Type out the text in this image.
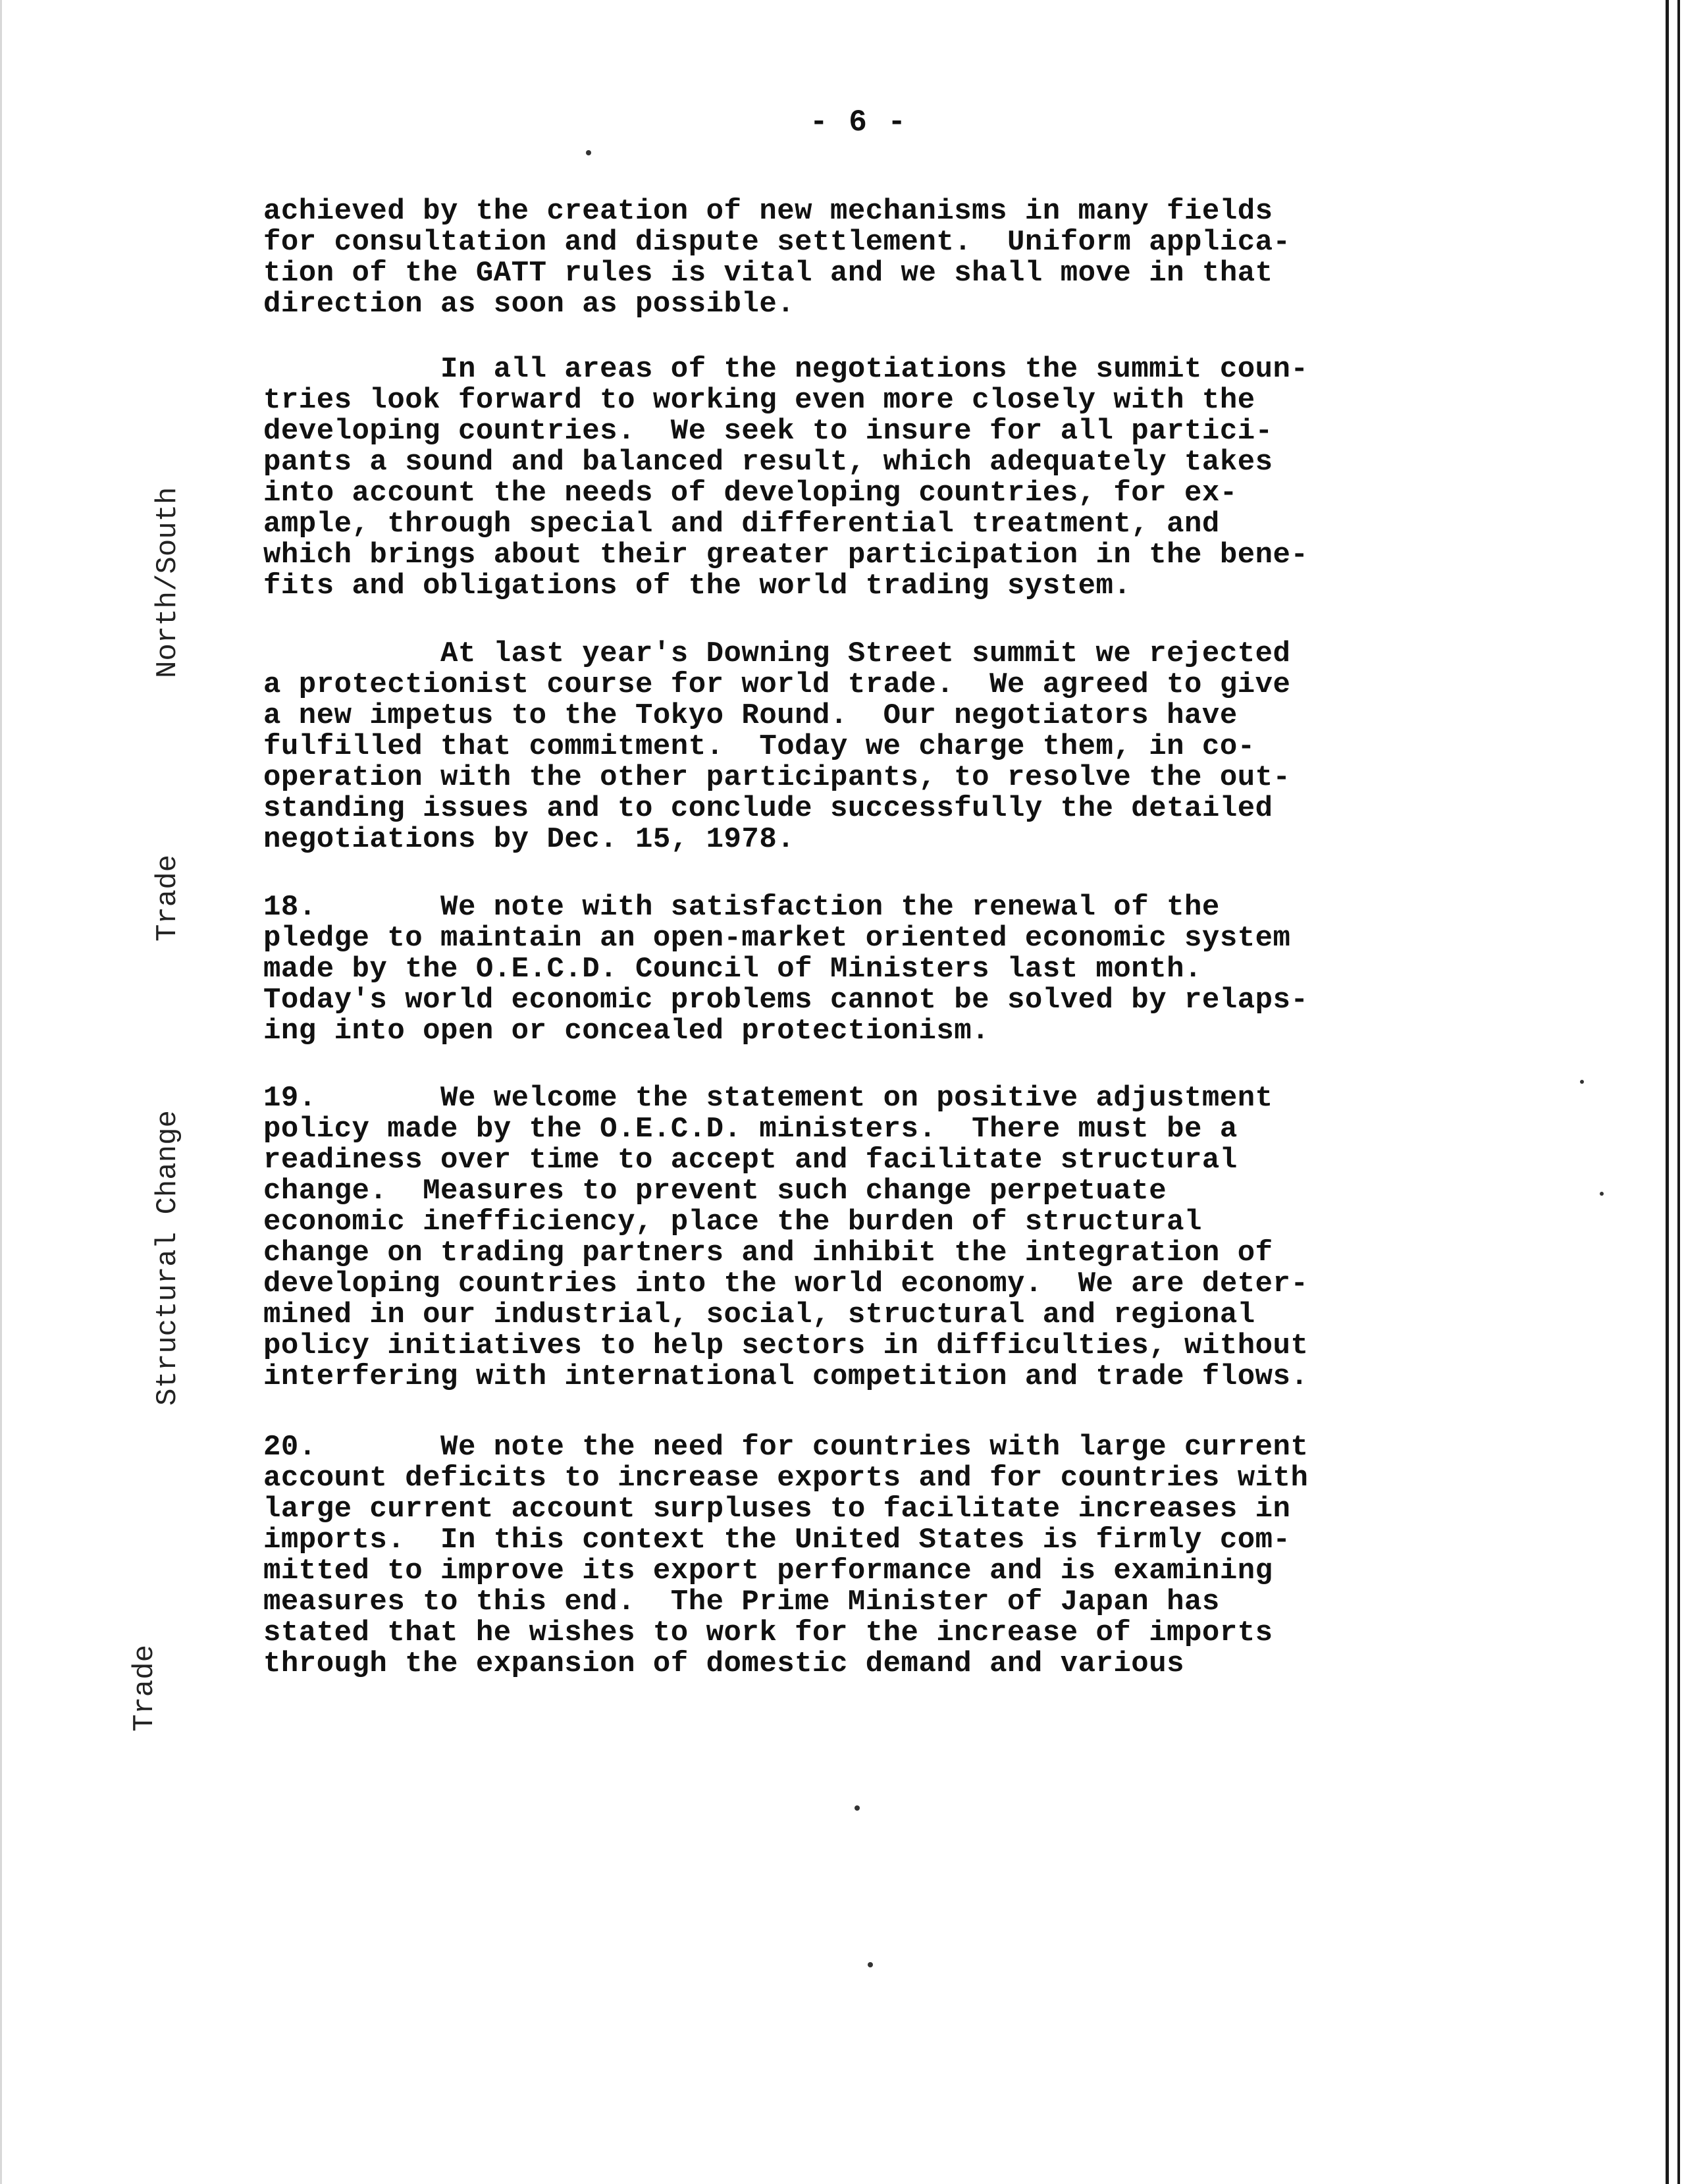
- 6 -
achieved by the creation of new mechanisms in many fields
for consultation and dispute settlement.  Uniform applica-
tion of the GATT rules is vital and we shall move in that
direction as soon as possible.
In all areas of the negotiations the summit coun-
tries look forward to working even more closely with the
developing countries.  We seek to insure for all partici-
pants a sound and balanced result, which adequately takes
into account the needs of developing countries, for ex-
ample, through special and differential treatment, and
which brings about their greater participation in the bene-
fits and obligations of the world trading system.
At last year's Downing Street summit we rejected
a protectionist course for world trade.  We agreed to give
a new impetus to the Tokyo Round.  Our negotiators have
fulfilled that commitment.  Today we charge them, in co-
operation with the other participants, to resolve the out-
standing issues and to conclude successfully the detailed
negotiations by Dec. 15, 1978.
18.       We note with satisfaction the renewal of the
pledge to maintain an open-market oriented economic system
made by the O.E.C.D. Council of Ministers last month.
Today's world economic problems cannot be solved by relaps-
ing into open or concealed protectionism.
19.       We welcome the statement on positive adjustment
policy made by the O.E.C.D. ministers.  There must be a
readiness over time to accept and facilitate structural
change.  Measures to prevent such change perpetuate
economic inefficiency, place the burden of structural
change on trading partners and inhibit the integration of
developing countries into the world economy.  We are deter-
mined in our industrial, social, structural and regional
policy initiatives to help sectors in difficulties, without
interfering with international competition and trade flows.
20.       We note the need for countries with large current
account deficits to increase exports and for countries with
large current account surpluses to facilitate increases in
imports.  In this context the United States is firmly com-
mitted to improve its export performance and is examining
measures to this end.  The Prime Minister of Japan has
stated that he wishes to work for the increase of imports
through the expansion of domestic demand and various
North/South
Trade
Structural Change
Trade
